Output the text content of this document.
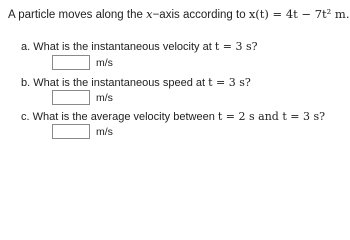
A particle moves along the x−axis according to x(t) = 4t − 7t² m.
a. What is the instantaneous velocity at t = 3 s?
m/s
b. What is the instantaneous speed at t = 3 s?
m/s
c. What is the average velocity between t = 2 s and t = 3 s?
m/s
